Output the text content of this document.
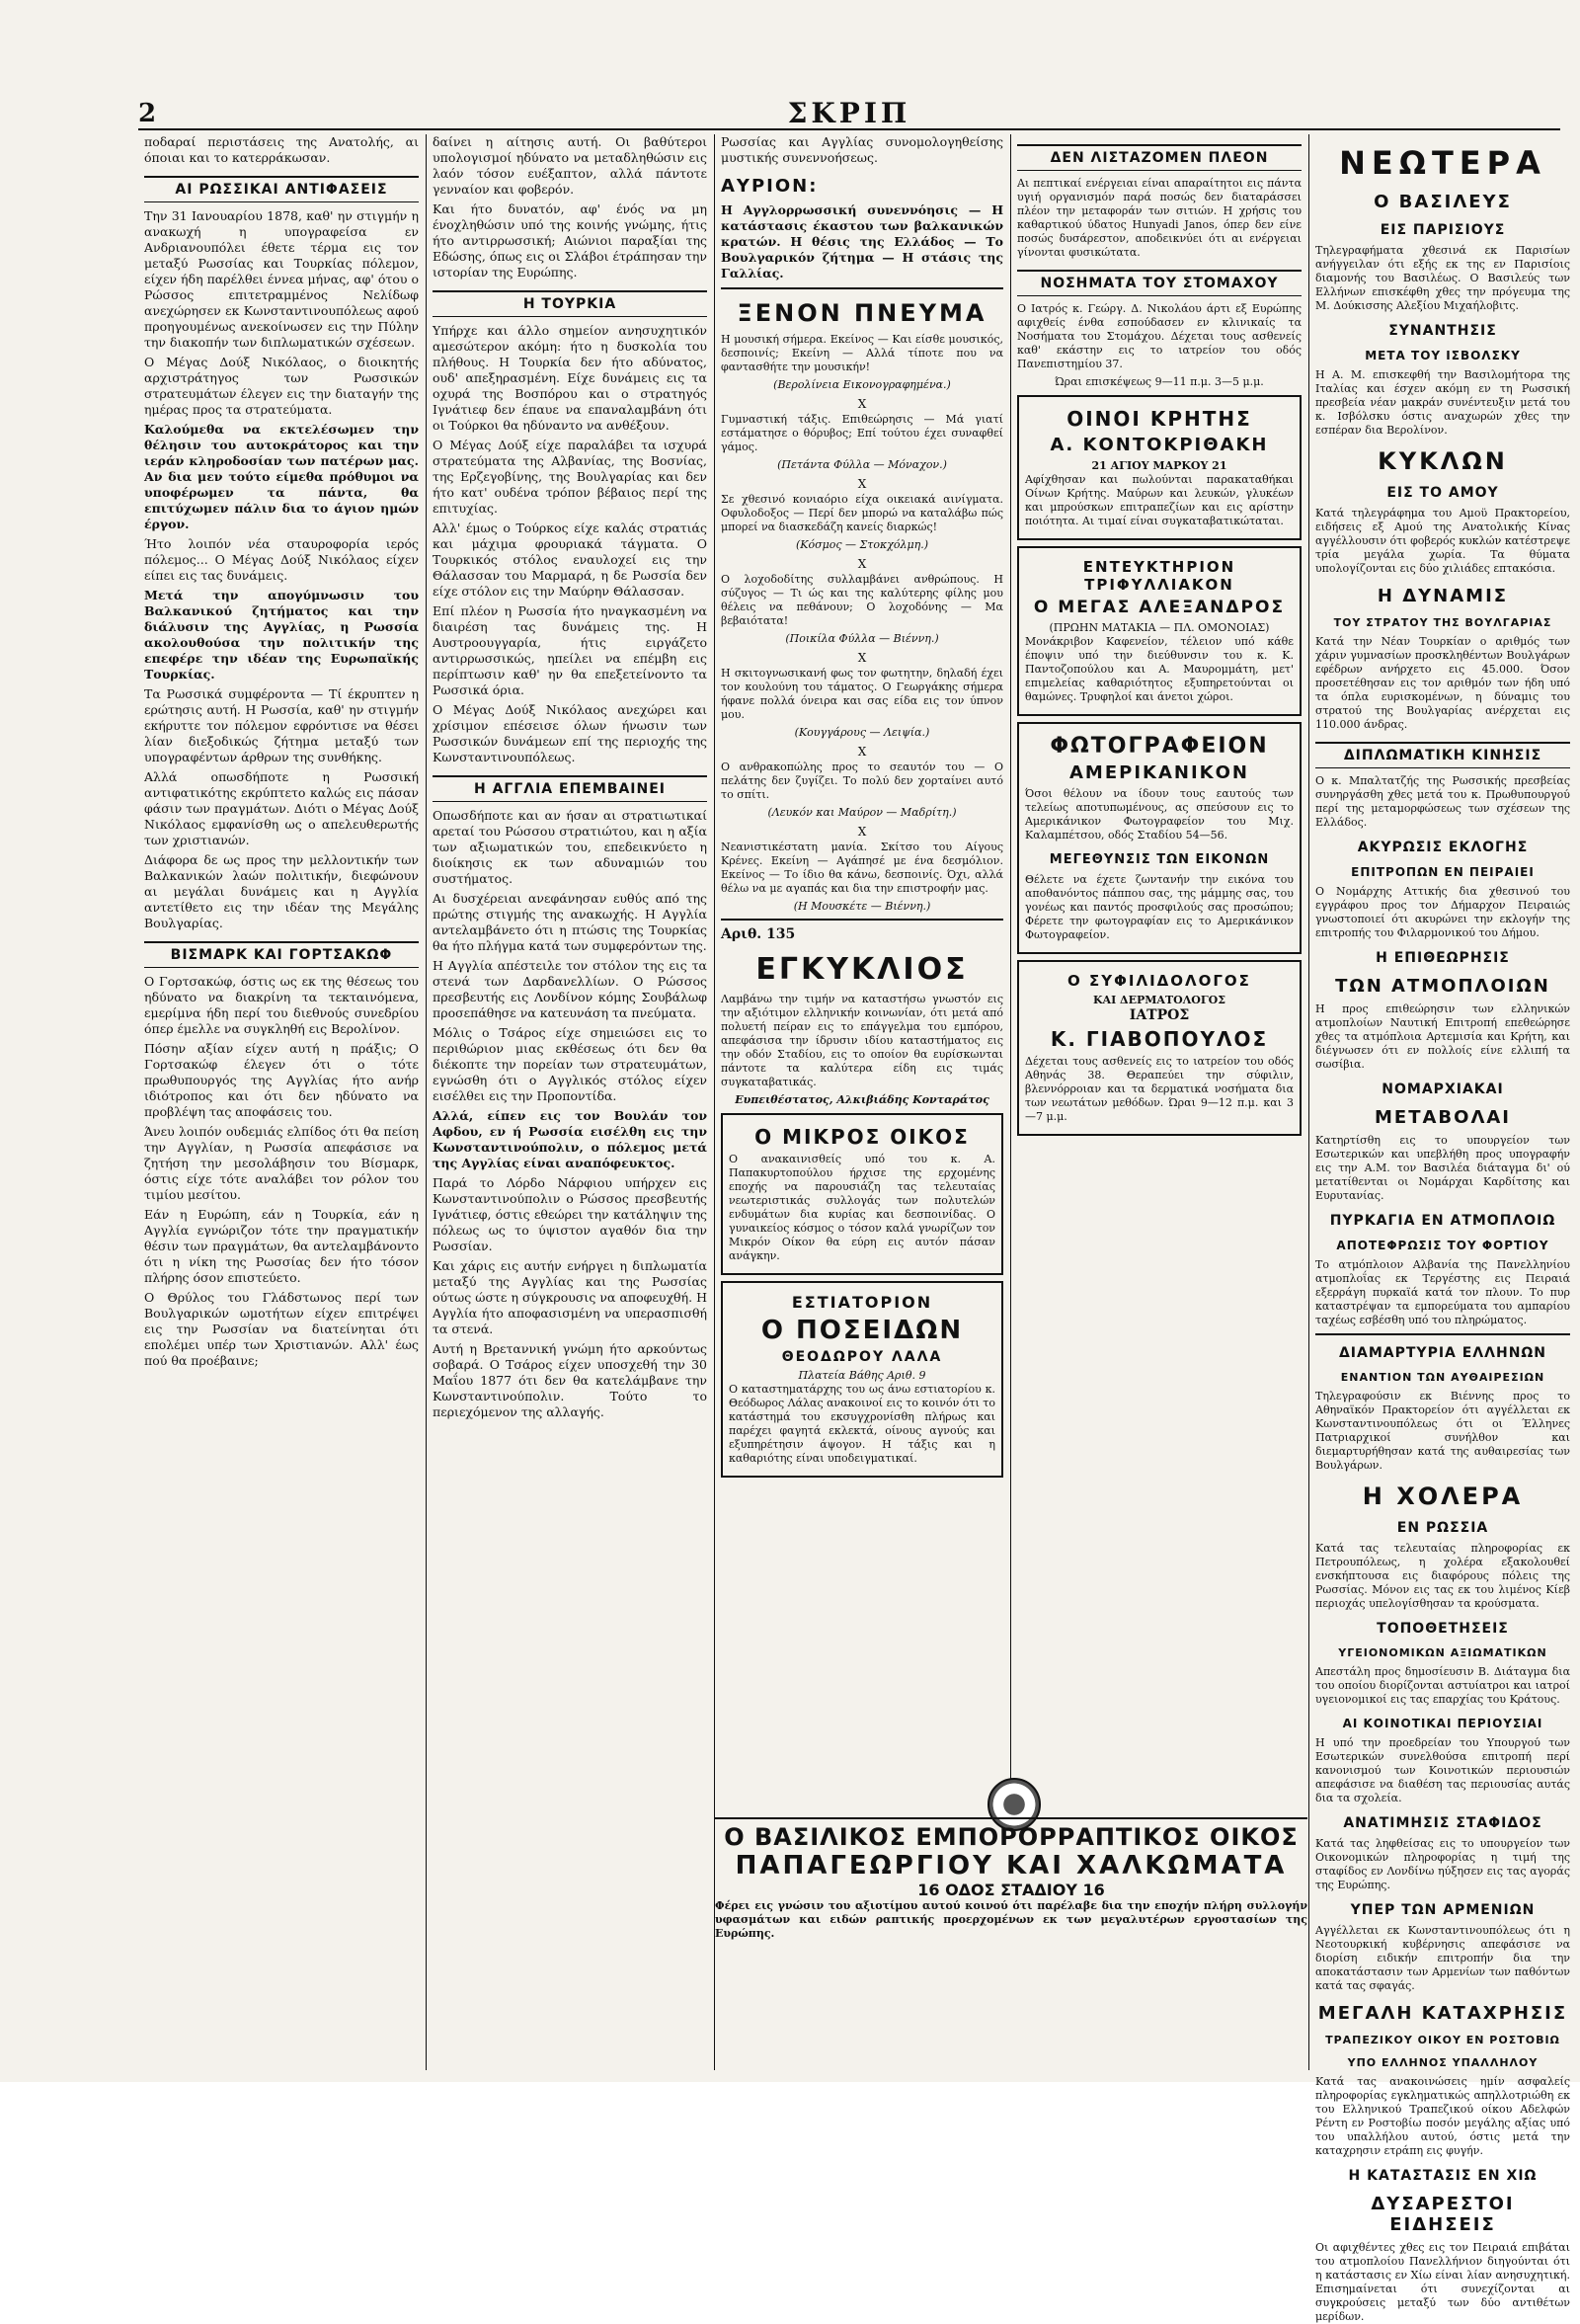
2	ΣΚΡΙΠ

ποδαραί περιστάσεις της Ανατολής, αι όποιαι και το κατερράκωσαν.

ΑΙ ΡΩΣΣΙΚΑΙ ΑΝΤΙΦΑΣΕΙΣ

Την 31 Ιανουαρίου 1878, καθ' ην στιγμήν η ανακωχή η υπογραφείσα εν Ανδριανουπόλει έθετε τέρμα εις τον μεταξύ Ρωσσίας και Τουρκίας πόλεμον, είχεν ήδη παρέλθει έννεα μήνας, αφ' ότου ο Ρώσσος επιτετραμμένος Νελίδωφ ανεχώρησεν εκ Κωνσταντινουπόλεως αφού προηγουμένως ανεκοίνωσεν εις την Πύλην την διακοπήν των διπλωματικών σχέσεων.

Ο Μέγας Δούξ Νικόλαος, ο διοικητής αρχιστράτηγος των Ρωσσικών στρατευμάτων έλεγεν εις την διαταγήν της ημέρας προς τα στρατεύματα.

Καλούμεθα να εκτελέσωμεν την θέλησιν του αυτοκράτορος και την ιεράν κληροδοσίαν των πατέρων μας. Αν δια μεν τούτο είμεθα πρόθυμοι να υποφέρωμεν τα πάντα, θα επιτύχωμεν πάλιν δια το άγιον ημών έργον.

Ήτο λοιπόν νέα σταυροφορία ιερός πόλεμος... Ο Μέγας Δούξ Νικόλαος είχεν είπει εις τας δυνάμεις.

Μετά την απογύμνωσιν του Βαλκανικού ζητήματος και την διάλυσιν της Αγγλίας, η Ρωσσία ακολουθούσα την πολιτικήν της επεφέρε την ιδέαν της Ευρωπαϊκής Τουρκίας.

Τα Ρωσσικά συμφέροντα — Τί έκρυπτεν η ερώτησις αυτή. Η Ρωσσία, καθ' ην στιγμήν εκήρυττε τον πόλεμον εφρόντισε να θέσει λίαν διεξοδικώς ζήτημα μεταξύ των υπογραφέντων άρθρων της συνθήκης.

Αλλά οπωσδήποτε η Ρωσσική αντιφατικότης εκρύπτετο καλώς εις πάσαν φάσιν των πραγμάτων. Διότι ο Μέγας Δούξ Νικόλαος εμφανίσθη ως ο απελευθερωτής των χριστιανών.

Διάφορα δε ως προς την μελλοντικήν των Βαλκανικών λαών πολιτικήν, διεφώνουν αι μεγάλαι δυνάμεις και η Αγγλία αντετίθετο εις την ιδέαν της Μεγάλης Βουλγαρίας.

ΒΙΣΜΑΡΚ ΚΑΙ ΓΟΡΤΣΑΚΩΦ

Ο Γορτσακώφ, όστις ως εκ της θέσεως του ηδύνατο να διακρίνη τα τεκταινόμενα, εμερίμνα ήδη περί του διεθνούς συνεδρίου όπερ έμελλε να συγκληθή εις Βερολίνον.

Πόσην αξίαν είχεν αυτή η πράξις; Ο Γορτσακώφ έλεγεν ότι ο τότε πρωθυπουργός της Αγγλίας ήτο ανήρ ιδιότροπος και ότι δεν ηδύνατο να προβλέψη τας αποφάσεις του.

Άνευ λοιπόν ουδεμιάς ελπίδος ότι θα πείση την Αγγλίαν, η Ρωσσία απεφάσισε να ζητήση την μεσολάβησιν του Βίσμαρκ, όστις είχε τότε αναλάβει τον ρόλον του τιμίου μεσίτου.

Εάν η Ευρώπη, εάν η Τουρκία, εάν η Αγγλία εγνώριζον τότε την πραγματικήν θέσιν των πραγμάτων, θα αντελαμβάνοντο ότι η νίκη της Ρωσσίας δεν ήτο τόσον πλήρης όσον επιστεύετο.

Ο Θρύλος του Γλάδστωνος περί των Βουλγαρικών ωμοτήτων είχεν επιτρέψει εις την Ρωσσίαν να διατείνηται ότι επολέμει υπέρ των Χριστιανών. Αλλ' έως πού θα προέβαινε;

δαίνει η αίτησις αυτή. Οι βαθύτεροι υπολογισμοί ηδύνατο να μεταδληθώσιν εις λαόν τόσον ευέξαπτον, αλλά πάντοτε γενναίον και φοβερόν.

Και ήτο δυνατόν, αφ' ένός να μη ένοχληθώσιν υπό της κοινής γνώμης, ήτις ήτο αντιρρωσσική; Αιώνιοι παραξίαι της Εδώσης, όπως εις οι Σλάβοι έτράπησαν την ιστορίαν της Ευρώπης.

Η ΤΟΥΡΚΙΑ

Υπήρχε και άλλο σημείον ανησυχητικόν αμεσώτερον ακόμη: ήτο η δυσκολία του πλήθους. Η Τουρκία δεν ήτο αδύνατος, ουδ' απεξηρασμένη. Είχε δυνάμεις εις τα οχυρά της Βοσπόρου και ο στρατηγός Ιγνάτιεφ δεν έπαυε να επαναλαμβάνη ότι οι Τούρκοι θα ηδύναντο να ανθέξουν.

Ο Μέγας Δούξ είχε παραλάβει τα ισχυρά στρατεύματα της Αλβανίας, της Βοσνίας, της Ερζεγοβίνης, της Βουλγαρίας και δεν ήτο κατ' ουδένα τρόπον βέβαιος περί της επιτυχίας.

Αλλ' έμως ο Τούρκος είχε καλάς στρατιάς και μάχιμα φρουριακά τάγματα. Ο Τουρκικός στόλος εναυλοχεί εις την Θάλασσαν του Μαρμαρά, η δε Ρωσσία δεν είχε στόλον εις την Μαύρην Θάλασσαν.

Επί πλέον η Ρωσσία ήτο ηναγκασμένη να διαιρέση τας δυνάμεις της. Η Αυστροουγγαρία, ήτις ειργάζετο αντιρρωσσικώς, ηπείλει να επέμβη εις περίπτωσιν καθ' ην θα επεξετείνοντο τα Ρωσσικά όρια.

Ο Μέγας Δούξ Νικόλαος ανεχώρει και χρίσιμον επέσεισε όλων ήνωσιν των Ρωσσικών δυνάμεων επί της περιοχής της Κωνσταντινουπόλεως.

Η ΑΓΓΛΙΑ ΕΠΕΜΒΑΙΝΕΙ

Οπωσδήποτε και αν ήσαν αι στρατιωτικαί αρεταί του Ρώσσου στρατιώτου, και η αξία των αξιωματικών του, επεδεικνύετο η διοίκησις εκ των αδυναμιών του συστήματος.

Αι δυσχέρειαι ανεφάνησαν ευθύς από της πρώτης στιγμής της ανακωχής. Η Αγγλία αντελαμβάνετο ότι η πτώσις της Τουρκίας θα ήτο πλήγμα κατά των συμφερόντων της.

Η Αγγλία απέστειλε τον στόλον της εις τα στενά των Δαρδανελλίων. Ο Ρώσσος πρεσβευτής εις Λονδίνον κόμης Σουβάλωφ προσεπάθησε να κατευνάση τα πνεύματα.

Μόλις ο Τσάρος είχε σημειώσει εις το περιθώριον μιας εκθέσεως ότι δεν θα διέκοπτε την πορείαν των στρατευμάτων, εγνώσθη ότι ο Αγγλικός στόλος είχεν εισέλθει εις την Προποντίδα.

Αλλά, είπεν εις τον Βουλάν τον Αφδου, εν ή Ρωσσία εισέλθη εις την Κωνσταντινούπολιν, ο πόλεμος μετά της Αγγλίας είναι αναπόφευκτος.

Παρά το Λόρδο Νάρφιου υπήρχεν εις Κωνσταντινούπολιν ο Ρώσσος πρεσβευτής Ιγνάτιεφ, όστις εθεώρει την κατάληψιν της πόλεως ως το ύψιστον αγαθόν δια την Ρωσσίαν.

Και χάρις εις αυτήν ενήργει η διπλωματία μεταξύ της Αγγλίας και της Ρωσσίας ούτως ώστε η σύγκρουσις να αποφευχθή. Η Αγγλία ήτο αποφασισμένη να υπερασπισθή τα στενά.

Αυτή η Βρεταννική γνώμη ήτο αρκούντως σοβαρά. Ο Τσάρος είχεν υποσχεθή την 30 Μαΐου 1877 ότι δεν θα κατελάμβανε την Κωνσταντινούπολιν. Τούτο το περιεχόμενον της αλλαγής.

Ρωσσίας και Αγγλίας συνομολογηθείσης μυστικής συνεννοήσεως.

ΑΥΡΙΟΝ:

Η Αγγλορρωσσική συνεννόησις — Η κατάστασις έκαστου των βαλκανικών κρατών. Η θέσις της Ελλάδος — Το Βουλγαρικόν ζήτημα — Η στάσις της Γαλλίας.

ΞΕΝΟΝ ΠΝΕΥΜΑ

Η μουσική σήμερα. Εκείνος — Και είσθε μουσικός, δεσποινίς; Εκείνη — Αλλά τίποτε που να φαντασθήτε την μουσικήν!

(Βερολίνεια Εικονογραφημένα.)
X

Γυμναστική τάξις. Επιθεώρησις — Μά γιατί εστάματησε ο θόρυβος; Επί τούτου έχει συναφθεί γάμος.

(Πετάντα Φύλλα — Μόναχον.)
X

Σε χθεσινό κονιαόριο είχα οικειακά αινίγματα. Οφυλοδοξος — Περί δεν μπορώ να καταλάβω πώς μπορεί να διασκεδάζη κανείς διαρκώς!

(Κόσμος — Στοκχόλμη.)
X

Ο λοχοδοδίτης συλλαμβάνει ανθρώπους. Η σύζυγος — Τι ώς και της καλύτερης φίλης μου θέλεις να πεθάνουν; Ο λοχοδόνης — Μα βεβαιότατα!

(Ποικίλα Φύλλα — Βιέννη.)
X

Η σκιτογνωσικανή φως τον φωτητην, δηλαδή έχει τον κουλούνη του τάματος. Ο Γεωργάκης σήμερα ήφανε πολλά όνειρα και σας είδα εις τον ύπνον μου.

(Κουγγάρους — Λειψία.)
X

Ο ανθρακοπώλης προς το σεαυτόν του — Ο πελάτης δεν ζυγίζει. Το πολύ δεν χορταίνει αυτό το σπίτι.

(Λευκόν και Μαύρον — Μαδρίτη.)
X

Νεανιστικέστατη μανία. Σκίτσο του Αίγους Κρένες. Εκείνη — Αγάπησέ με ένα δεσμόλιον. Εκείνος — Το ίδιο θα κάνω, δεσποινίς. Όχι, αλλά θέλω να με αγαπάς και δια την επιστροφήν μας.

(Η Μουσκέτε — Βιέννη.)
Αριθ. 135
ΕΓΚΥΚΛΙΟΣ

Λαμβάνω την τιμήν να καταστήσω γνωστόν εις την αξιότιμον ελληνικήν κοινωνίαν, ότι μετά από πολυετή πείραν εις το επάγγελμα του εμπόρου, απεφάσισα την ίδρυσιν ιδίου καταστήματος εις την οδόν Σταδίου, εις το οποίον θα ευρίσκωνται πάντοτε τα καλύτερα είδη εις τιμάς συγκαταβατικάς.

Ευπειθέστατος, Αλκιβιάδης Κονταράτος
Ο ΜΙΚΡΟΣ ΟΙΚΟΣ

Ο ανακαινισθείς υπό του κ. Α. Παπακυρτοπούλου ήρχισε της ερχομένης εποχής να παρουσιάζη τας τελευταίας νεωτεριστικάς συλλογάς των πολυτελών ενδυμάτων δια κυρίας και δεσποινίδας. Ο γυναικείος κόσμος ο τόσον καλά γνωρίζων τον Μικρόν Οίκον θα εύρη εις αυτόν πάσαν ανάγκην.

ΕΣΤΙΑΤΟΡΙΟΝ
Ο ΠΟΣΕΙΔΩΝ
ΘΕΟΔΩΡΟΥ ΛΑΛΑ
Πλατεία Βάθης Αριθ. 9

Ο καταστηματάρχης του ως άνω εστιατορίου κ. Θεόδωρος Λάλας ανακοινοί εις το κοινόν ότι το κατάστημά του εκσυγχρονίσθη πλήρως και παρέχει φαγητά εκλεκτά, οίνους αγνούς και εξυπηρέτησιν άψογον. Η τάξις και η καθαριότης είναι υποδειγματικαί.

ΔΕΝ ΛΙΣΤΑΖΟΜΕΝ ΠΛΕΟΝ

Αι πεπτικαί ενέργειαι είναι απαραίτητοι εις πάντα υγιή οργανισμόν παρά ποσώς δεν διαταράσσει πλέον την μεταφοράν των σιτιών. Η χρήσις του καθαρτικού ύδατος Hunyadi Janos, όπερ δεν είνε ποσώς δυσάρεστον, αποδεικνύει ότι αι ενέργειαι γίνονται φυσικώτατα.

ΝΟΣΗΜΑΤΑ ΤΟΥ ΣΤΟΜΑΧΟΥ

Ο Ιατρός κ. Γεώργ. Δ. Νικολάου άρτι εξ Ευρώπης αφιχθείς ένθα εσπούδασεν εν κλινικαίς τα Νοσήματα του Στομάχου. Δέχεται τους ασθενείς καθ' εκάστην εις το ιατρείον του οδός Πανεπιστημίου 37.

Ώραι επισκέψεως 9—11 π.μ. 3—5 μ.μ.
ΟΙΝΟΙ ΚΡΗΤΗΣ
Α. ΚΟΝΤΟΚΡΙΘΑΚΗ
21 ΑΓΙΟΥ ΜΑΡΚΟΥ 21

Αφίχθησαν και πωλούνται παρακαταθήκαι Οίνων Κρήτης. Μαύρων και λευκών, γλυκέων και μπρούσκων επιτραπεζίων και εις αρίστην ποιότητα. Αι τιμαί είναι συγκαταβατικώταται.

ΕΝΤΕΥΚΤΗΡΙΟΝ ΤΡΙΦΥΛΛΙΑΚΟΝ
Ο ΜΕΓΑΣ ΑΛΕΞΑΝΔΡΟΣ
(ΠΡΩΗΝ ΜΑΤΑΚΙΑ — ΠΛ. ΟΜΟΝΟΙΑΣ)

Μονάκριβον Καφενείον, τέλειον υπό κάθε έποψιν υπό την διεύθυνσιν του κ. Κ. Παντοζοπούλου και Α. Μαυρομμάτη, μετ' επιμελείας καθαριότητος εξυπηρετούνται οι θαμώνες. Τρυφηλοί και άνετοι χώροι.

ΦΩΤΟΓΡΑΦΕΙΟΝ
ΑΜΕΡΙΚΑΝΙΚΟΝ

Όσοι θέλουν να ίδουν τους εαυτούς των τελείως αποτυπωμένους, ας σπεύσουν εις το Αμερικάνικον Φωτογραφείον του Μιχ. Καλαμπέτσου, οδός Σταδίου 54—56.

ΜΕΓΕΘΥΝΣΙΣ ΤΩΝ ΕΙΚΟΝΩΝ

Θέλετε να έχετε ζωντανήν την εικόνα του αποθανόντος πάππου σας, της μάμμης σας, του γονέως και παντός προσφιλούς σας προσώπου; Φέρετε την φωτογραφίαν εις το Αμερικάνικον Φωτογραφείον.

Ο ΣΥΦΙΛΙΔΟΛΟΓΟΣ
ΚΑΙ ΔΕΡΜΑΤΟΛΟΓΟΣ
ΙΑΤΡΟΣ
Κ. ΓΙΑΒΟΠΟΥΛΟΣ

Δέχεται τους ασθενείς εις το ιατρείον του οδός Αθηνάς 38. Θεραπεύει την σύφιλιν, βλεννόρροιαν και τα δερματικά νοσήματα δια των νεωτάτων μεθόδων. Ώραι 9—12 π.μ. και 3—7 μ.μ.

ΝΕΩΤΕΡΑ
Ο ΒΑΣΙΛΕΥΣ
ΕΙΣ ΠΑΡΙΣΙΟΥΣ

Τηλεγραφήματα χθεσινά εκ Παρισίων ανήγγειλαν ότι εξής εκ της εν Παρισίοις διαμονής του Βασιλέως. Ο Βασιλεύς των Ελλήνων επισκέφθη χθες την πρόγευμα της Μ. Δούκισσης Αλεξίου Μιχαήλοβιτς.

ΣΥΝΑΝΤΗΣΙΣ
ΜΕΤΑ ΤΟΥ ΙΣΒΟΛΣΚΥ

Η Α. Μ. επισκεφθή την Βασιλομήτορα της Ιταλίας και έσχεν ακόμη εν τη Ρωσσική πρεσβεία νέαν μακράν συνέντευξιν μετά του κ. Ισβόλσκυ όστις αναχωρών χθες την εσπέραν δια Βερολίνον.

ΚΥΚΛΩΝ
ΕΙΣ ΤΟ ΑΜΟΥ

Κατά τηλεγράφημα του Αμοϋ Πρακτορείου, ειδήσεις εξ Αμού της Ανατολικής Κίνας αγγέλλουσιν ότι φοβερός κυκλών κατέστρεψε τρία μεγάλα χωρία. Τα θύματα υπολογίζονται εις δύο χιλιάδες επτακόσια.

Η ΔΥΝΑΜΙΣ
ΤΟΥ ΣΤΡΑΤΟΥ ΤΗΣ ΒΟΥΛΓΑΡΙΑΣ

Κατά την Νέαν Τουρκίαν ο αριθμός των χάριν γυμνασίων προσκληθέντων Βουλγάρων εφέδρων ανήρχετο εις 45.000. Όσον προσετέθησαν εις τον αριθμόν των ήδη υπό τα όπλα ευρισκομένων, η δύναμις του στρατού της Βουλγαρίας ανέρχεται εις 110.000 άνδρας.

ΔΙΠΛΩΜΑΤΙΚΗ ΚΙΝΗΣΙΣ

Ο κ. Μπαλτατζής της Ρωσσικής πρεσβείας συνηργάσθη χθες μετά του κ. Πρωθυπουργού περί της μεταμορφώσεως των σχέσεων της Ελλάδος.

ΑΚΥΡΩΣΙΣ ΕΚΛΟΓΗΣ
ΕΠΙΤΡΟΠΩΝ ΕΝ ΠΕΙΡΑΙΕΙ

Ο Νομάρχης Αττικής δια χθεσινού του εγγράφου προς τον Δήμαρχον Πειραιώς γνωστοποιεί ότι ακυρώνει την εκλογήν της επιτροπής του Φιλαρμονικού του Δήμου.

Η ΕΠΙΘΕΩΡΗΣΙΣ
ΤΩΝ ΑΤΜΟΠΛΟΙΩΝ

Η προς επιθεώρησιν των ελληνικών ατμοπλοίων Ναυτική Επιτροπή επεθεώρησε χθες τα ατμόπλοια Αρτεμισία και Κρήτη, και διέγνωσεν ότι εν πολλοίς είνε ελλιπή τα σωσίβια.

ΝΟΜΑΡΧΙΑΚΑΙ
ΜΕΤΑΒΟΛΑΙ

Κατηρτίσθη εις το υπουργείον των Εσωτερικών και υπεβλήθη προς υπογραφήν εις την Α.Μ. τον Βασιλέα διάταγμα δι' ού μετατίθενται οι Νομάρχαι Καρδίτσης και Ευρυτανίας.

ΠΥΡΚΑΓΙΑ ΕΝ ΑΤΜΟΠΛΟΙΩ
ΑΠΟΤΕΦΡΩΣΙΣ ΤΟΥ ΦΟΡΤΙΟΥ

Το ατμόπλοιον Αλβανία της Πανελληνίου ατμοπλοΐας εκ Τεργέστης εις Πειραιά εξερράγη πυρκαϊά κατά τον πλουν. Το πυρ καταστρέψαν τα εμπορεύματα του αμπαρίου ταχέως εσβέσθη υπό του πληρώματος.

ΔΙΑΜΑΡΤΥΡΙΑ ΕΛΛΗΝΩΝ
ΕΝΑΝΤΙΟΝ ΤΩΝ ΑΥΘΑΙΡΕΣΙΩΝ

Τηλεγραφούσιν εκ Βιέννης προς το Αθηναϊκόν Πρακτορείον ότι αγγέλλεται εκ Κωνσταντινουπόλεως ότι οι Έλληνες Πατριαρχικοί συνήλθον και διεμαρτυρήθησαν κατά της αυθαιρεσίας των Βουλγάρων.

Η ΧΟΛΕΡΑ
ΕΝ ΡΩΣΣΙΑ

Κατά τας τελευταίας πληροφορίας εκ Πετρουπόλεως, η χολέρα εξακολουθεί ενσκήπτουσα εις διαφόρους πόλεις της Ρωσσίας. Μόνον εις τας εκ του λιμένος Κίεβ περιοχάς υπελογίσθησαν τα κρούσματα.

ΤΟΠΟΘΕΤΗΣΕΙΣ
ΥΓΕΙΟΝΟΜΙΚΩΝ ΑΞΙΩΜΑΤΙΚΩΝ

Απεστάλη προς δημοσίευσιν Β. Διάταγμα δια του οποίου διορίζονται αστυίατροι και ιατροί υγειονομικοί εις τας επαρχίας του Κράτους.

ΑΙ ΚΟΙΝΟΤΙΚΑΙ ΠΕΡΙΟΥΣΙΑΙ

Η υπό την προεδρείαν του Υπουργού των Εσωτερικών συνελθούσα επιτροπή περί κανονισμού των Κοινοτικών περιουσιών απεφάσισε να διαθέση τας περιουσίας αυτάς δια τα σχολεία.

ΑΝΑΤΙΜΗΣΙΣ ΣΤΑΦΙΔΟΣ

Κατά τας ληφθείσας εις το υπουργείον των Οικονομικών πληροφορίας η τιμή της σταφίδος εν Λονδίνω ηύξησεν εις τας αγοράς της Ευρώπης.

ΥΠΕΡ ΤΩΝ ΑΡΜΕΝΙΩΝ

Αγγέλλεται εκ Κωνσταντινουπόλεως ότι η Νεοτουρκική κυβέρνησις απεφάσισε να διορίση ειδικήν επιτροπήν δια την αποκατάστασιν των Αρμενίων των παθόντων κατά τας σφαγάς.

ΜΕΓΑΛΗ ΚΑΤΑΧΡΗΣΙΣ
ΤΡΑΠΕΖΙΚΟΥ ΟΙΚΟΥ ΕΝ ΡΟΣΤΟΒΙΩ
ΥΠΟ ΕΛΛΗΝΟΣ ΥΠΑΛΛΗΛΟΥ

Κατά τας ανακοινώσεις ημίν ασφαλείς πληροφορίας εγκληματικώς απηλλοτριώθη εκ του Ελληνικού Τραπεζικού οίκου Αδελφών Ρέντη εν Ροστοβίω ποσόν μεγάλης αξίας υπό του υπαλλήλου αυτού, όστις μετά την καταχρησιν ετράπη εις φυγήν.

Η ΚΑΤΑΣΤΑΣΙΣ ΕΝ ΧΙΩ
ΔΥΣΑΡΕΣΤΟΙ ΕΙΔΗΣΕΙΣ

Οι αφιχθέντες χθες εις τον Πειραιά επιβάται του ατμοπλοίου Πανελλήνιον διηγούνται ότι η κατάστασις εν Χίω είναι λίαν ανησυχητική. Επισημαίνεται ότι συνεχίζονται αι συγκρούσεις μεταξύ των δύο αντιθέτων μερίδων.

Ο ΒΑΣΙΛΙΚΟΣ ΕΜΠΟΡΟΡΡΑΠΤΙΚΟΣ ΟΙΚΟΣ
ΠΑΠΑΓΕΩΡΓΙΟΥ ΚΑΙ ΧΑΛΚΩΜΑΤΑ
16 ΟΔΟΣ ΣΤΑΔΙΟΥ 16

Φέρει εις γνώσιν του αξιοτίμου αυτού κοινού ότι παρέλαβε δια την εποχήν πλήρη συλλογήν υφασμάτων και ειδών ραπτικής προερχομένων εκ των μεγαλυτέρων εργοστασίων της Ευρώπης.
